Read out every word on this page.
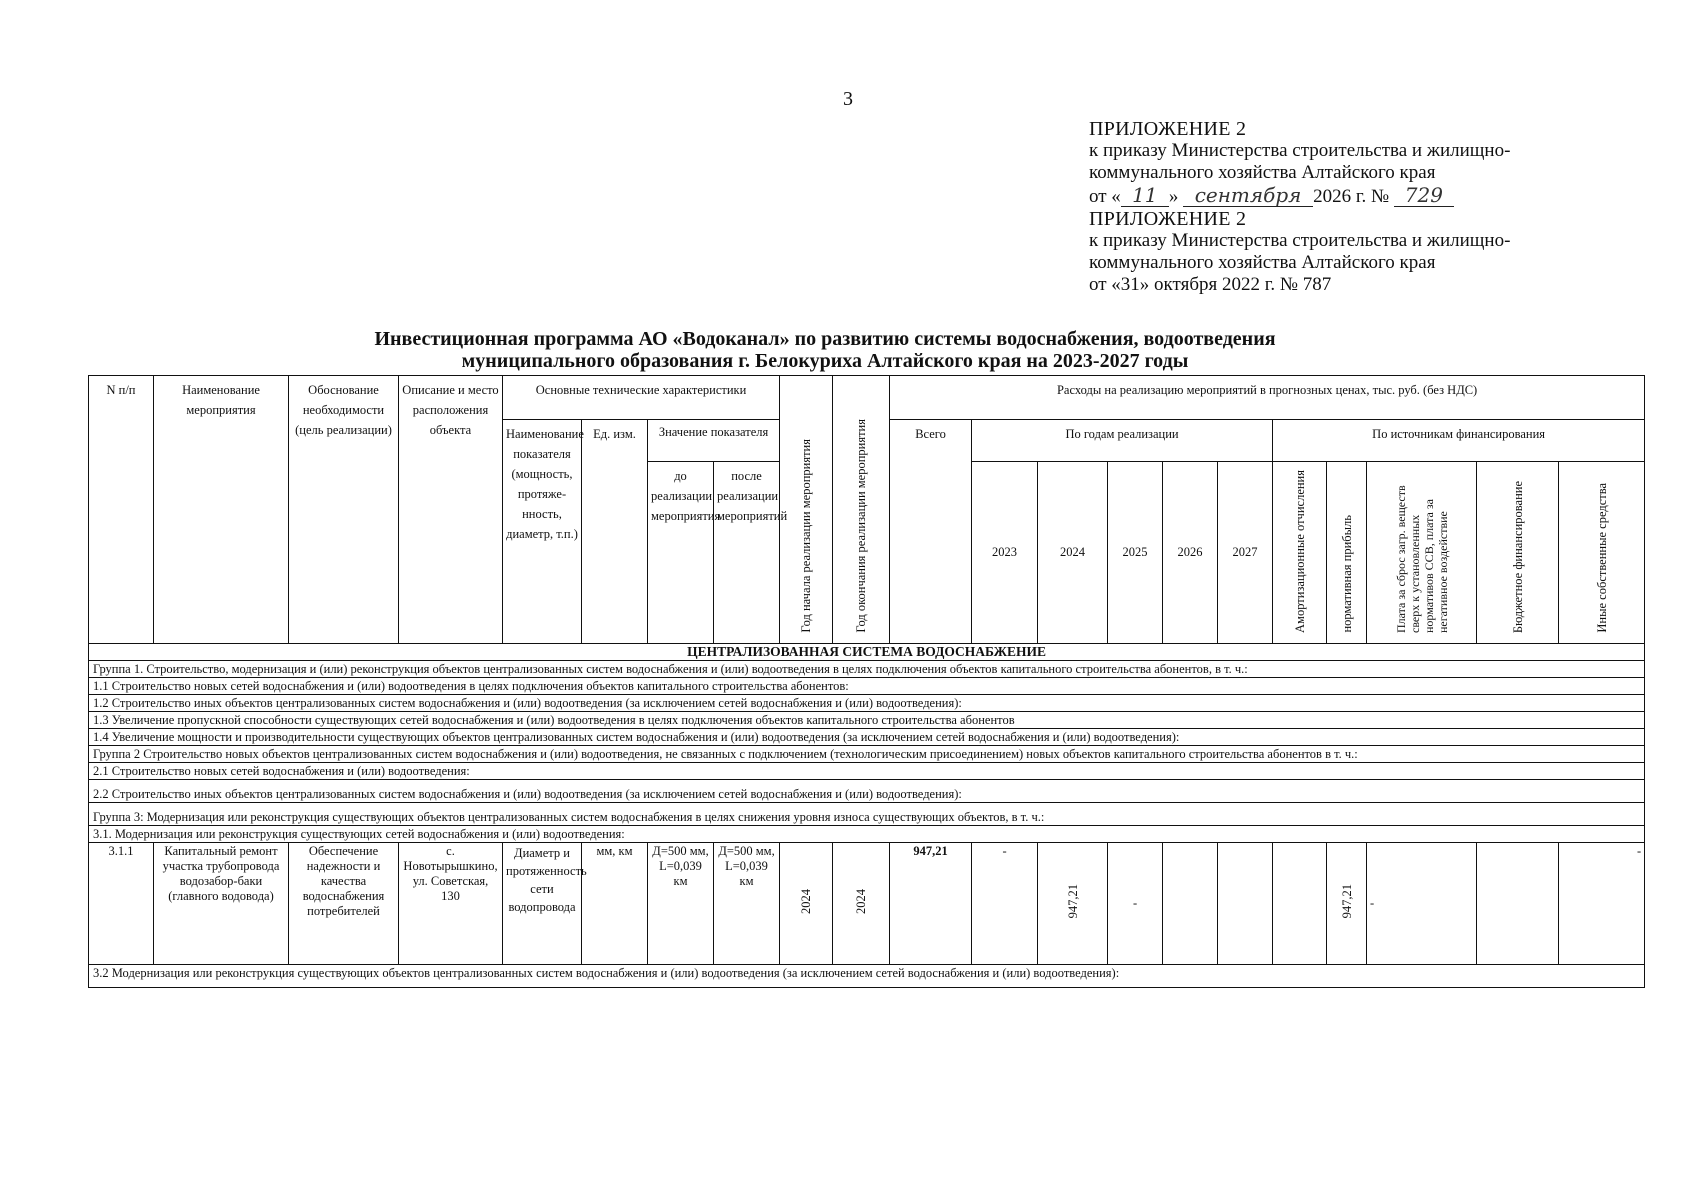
3
ПРИЛОЖЕНИЕ 2
к приказу Министерства строительства и жилищно-
коммунального хозяйства Алтайского края
от « 11 » сентября 2026 г. № 729
ПРИЛОЖЕНИЕ 2
к приказу Министерства строительства и жилищно-
коммунального хозяйства Алтайского края
от «31» октября 2022 г. № 787
Инвестиционная программа АО «Водоканал» по развитию системы водоснабжения, водоотведения
муниципального образования г. Белокуриха Алтайского края на 2023-2027 годы
N п/п	Наименование мероприятия	Обоснование необходимости (цель реализации)	Описание и место расположения объекта	Основные технические характеристики				Год начала реализации мероприятия	Год окончания реализации мероприятия	Расходы на реализацию мероприятий в прогнозных ценах, тыс. руб. (без НДС)										
				Наименование показателя (мощность, протяже-нность, диаметр, т.п.)	Ед. изм.	Значение показателя				Всего	По годам реализации					По источникам финансирования				
						до реализации мероприятия	после реализации мероприятий				2023	2024	2025	2026	2027	Амортизационные отчисления	нормативная прибыль	Плата за сброс загр. веществ сверх к установленных нормативов ССВ, плата за негативное воздействие	Бюджетное финансирование	Иные собственные средства
ЦЕНТРАЛИЗОВАННАЯ СИСТЕМА ВОДОСНАБЖЕНИЕ																				
Группа 1. Строительство, модернизация и (или) реконструкция объектов централизованных систем водоснабжения и (или) водоотведения в целях подключения объектов капитального строительства абонентов, в т. ч.:																				
1.1 Строительство новых сетей водоснабжения и (или) водоотведения в целях подключения объектов капитального строительства абонентов:																				
1.2 Строительство иных объектов централизованных систем водоснабжения и (или) водоотведения (за исключением сетей водоснабжения и (или) водоотведения):																				
1.3 Увеличение пропускной способности существующих сетей водоснабжения и (или) водоотведения в целях подключения объектов капитального строительства абонентов																				
1.4 Увеличение мощности и производительности существующих объектов централизованных систем водоснабжения и (или) водоотведения (за исключением сетей водоснабжения и (или) водоотведения):																				
Группа 2 Строительство новых объектов централизованных систем водоснабжения и (или) водоотведения, не связанных с подключением (технологическим присоединением) новых объектов капитального строительства абонентов в т. ч.:																				
2.1 Строительство новых сетей водоснабжения и (или) водоотведения:																				
2.2 Строительство иных объектов централизованных систем водоснабжения и (или) водоотведения (за исключением сетей водоснабжения и (или) водоотведения):																				
Группа 3: Модернизация или реконструкция существующих объектов централизованных систем водоснабжения в целях снижения уровня износа существующих объектов, в т. ч.:																				
3.1. Модернизация или реконструкция существующих сетей водоснабжения и (или) водоотведения:																				
3.1.1	Капитальный ремонт участка трубопровода водозабор-баки (главного водовода)	Обеспечение надежности и качества водоснабжения потребителей	с. Новотырышкино, ул. Советская, 130	Диаметр и протяженность сети водопровода	мм, км	Д=500 мм, L=0,039 км	Д=500 мм, L=0,039 км	2024	2024	947,21	-	947,21	-				947,21	-		-
3.2 Модернизация или реконструкция существующих объектов централизованных систем водоснабжения и (или) водоотведения (за исключением сетей водоснабжения и (или) водоотведения):																				
